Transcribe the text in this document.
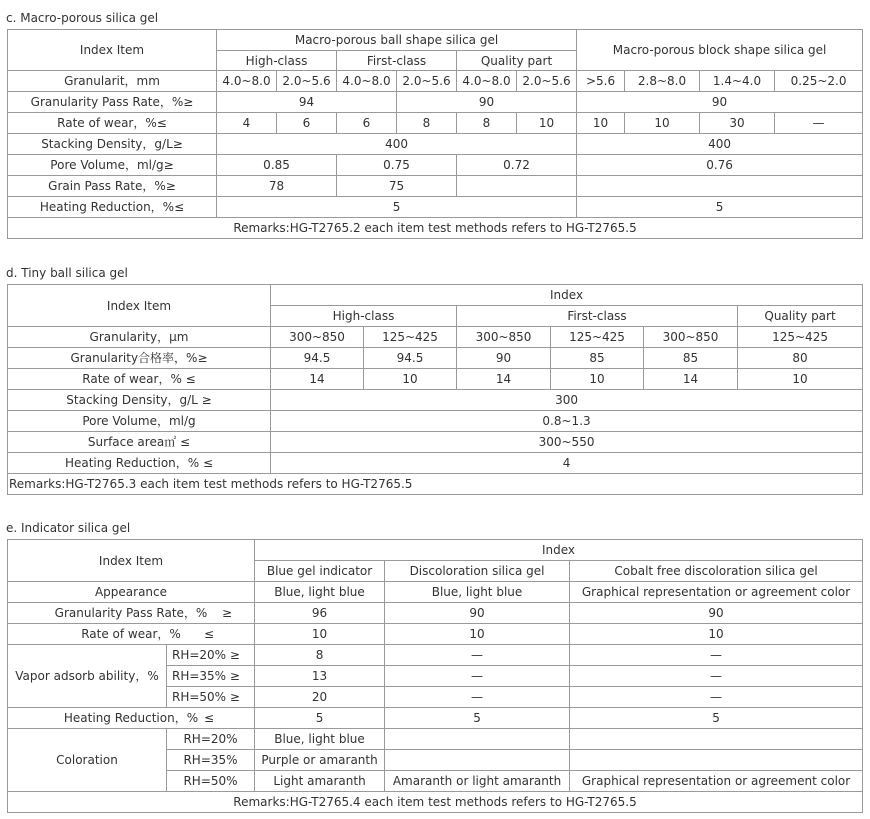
c. Macro-porous silica gel
Index Item	Macro-porous ball shape silica gel						Macro-porous block shape silica gel			
	High-class		First-class		Quality part					
Granularit，mm	4.0~8.0	2.0~5.6	4.0~8.0	2.0~5.6	4.0~8.0	2.0~5.6	>5.6	2.8~8.0	1.4~4.0	0.25~2.0
Granularity Pass Rate，%≥	94			90			90			
Rate of wear，%≤	4	6	6	8	8	10	10	10	30	—
Stacking Density，g/L≥	400						400			
Pore Volume，ml/g≥	0.85		0.75		0.72		0.76			
Grain Pass Rate，%≥	78		75							
Heating Reduction，%≤	5						5			
Remarks:HG-T2765.2 each item test methods refers to HG-T2765.5										
d. Tiny ball silica gel
Index Item	Index					
	High-class		First-class			Quality part
Granularity，μm	300~850	125~425	300~850	125~425	300~850	125~425
Granularity合格率，%≥	94.5	94.5	90	85	85	80
Rate of wear，% ≤	14	10	14	10	14	10
Stacking Density，g/L ≥	300					
Pore Volume，ml/g	0.8~1.3					
Surface area㎡ ≤	300~550					
Heating Reduction，% ≤	4					
Remarks:HG-T2765.3 each item test methods refers to HG-T2765.5						
e. Indicator silica gel
Index Item		Index		
		Blue gel indicator	Discoloration silica gel	Cobalt free discoloration silica gel
Appearance		Blue, light blue	Blue, light blue	Graphical representation or agreement color
Granularity Pass Rate，% ≥		96	90	90
Rate of wear，% ≤		10	10	10
Vapor adsorb ability，%	RH=20% ≥	8	—	—
	RH=35% ≥	13	—	—
	RH=50% ≥	20	—	—
Heating Reduction，% ≤		5	5	5
Coloration	RH=20%	Blue, light blue		
	RH=35%	Purple or amaranth		
	RH=50%	Light amaranth	Amaranth or light amaranth	Graphical representation or agreement color
Remarks:HG-T2765.4 each item test methods refers to HG-T2765.5				
